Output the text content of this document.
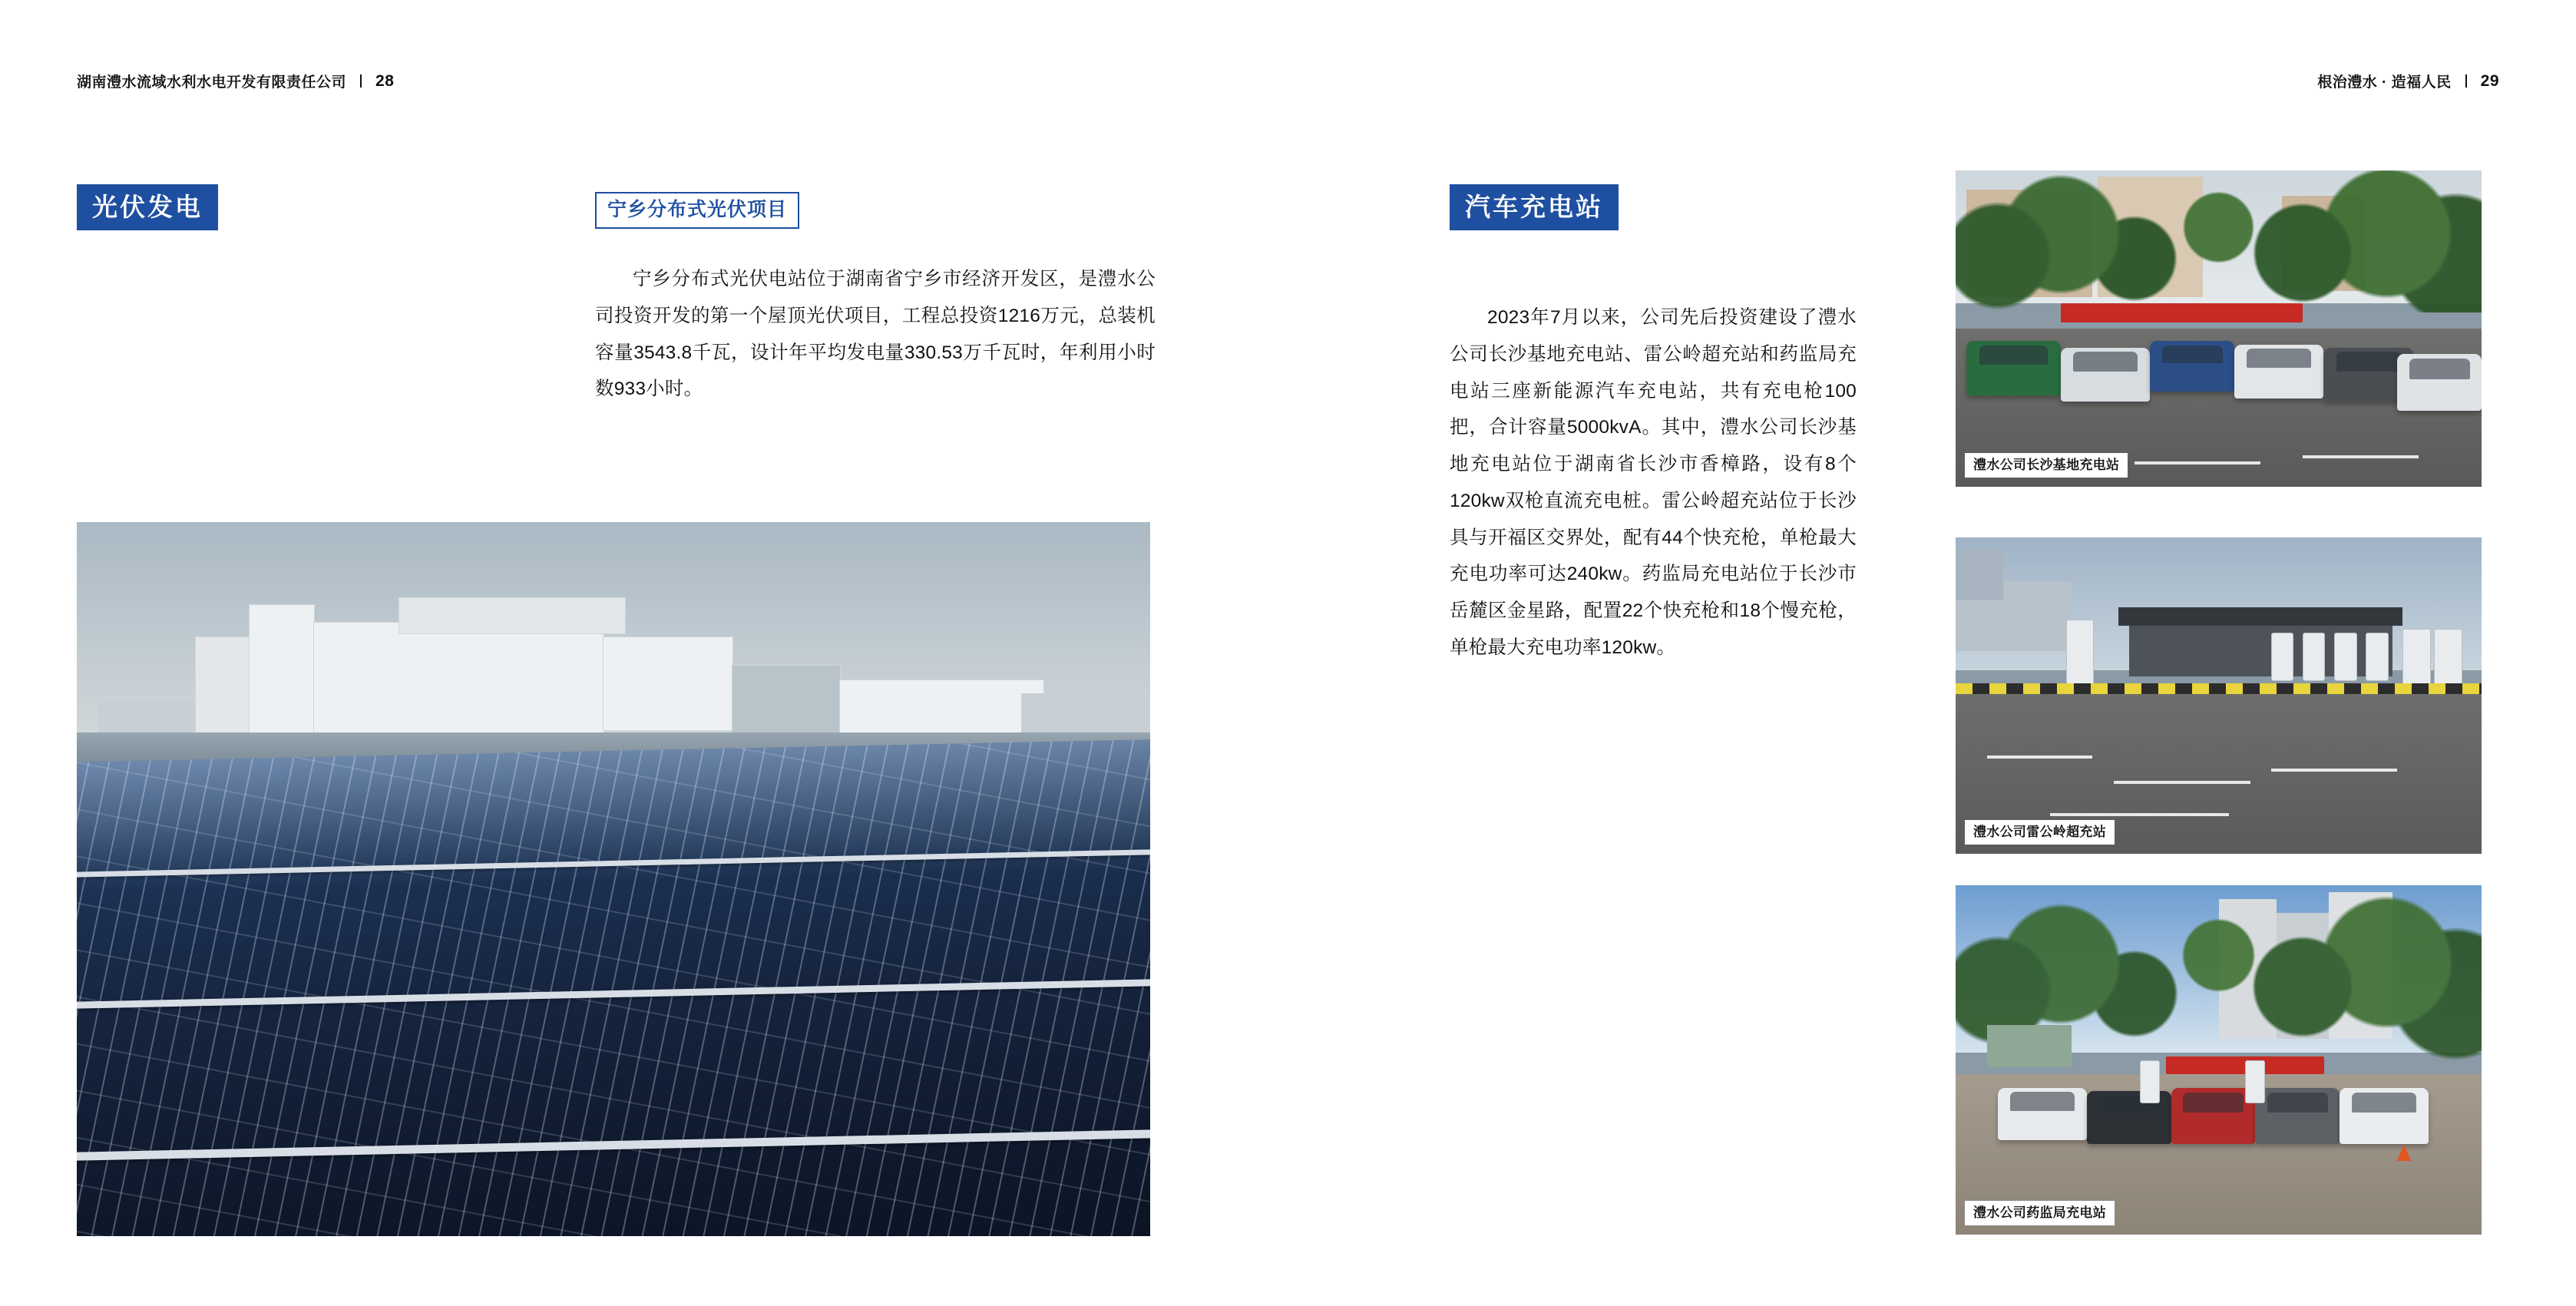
湖南澧水流域水利水电开发有限责任公司 28
光伏发电	宁乡分布式光伏项目

宁乡分布式光伏电站位于湖南省宁乡市经济开发区，是澧水公司投资开发的第一个屋顶光伏项目，工程总投资1216万元，总装机容量3543.8千瓦，设计年平均发电量330.53万千瓦时，年利用小时数933小时。

根治澧水 · 造福人民 29
汽车充电站

2023年7月以来，公司先后投资建设了澧水公司长沙基地充电站、雷公岭超充站和药监局充电站三座新能源汽车充电站，共有充电枪100把，合计容量5000kvA。其中，澧水公司长沙基地充电站位于湖南省长沙市香樟路，设有8个120kw双枪直流充电桩。雷公岭超充站位于长沙具与开福区交界处，配有44个快充枪，单枪最大充电功率可达240kw。药监局充电站位于长沙市岳麓区金星路，配置22个快充枪和18个慢充枪，单枪最大充电功率120kw。

澧水公司长沙基地充电站
澧水公司雷公岭超充站
澧水公司药监局充电站
